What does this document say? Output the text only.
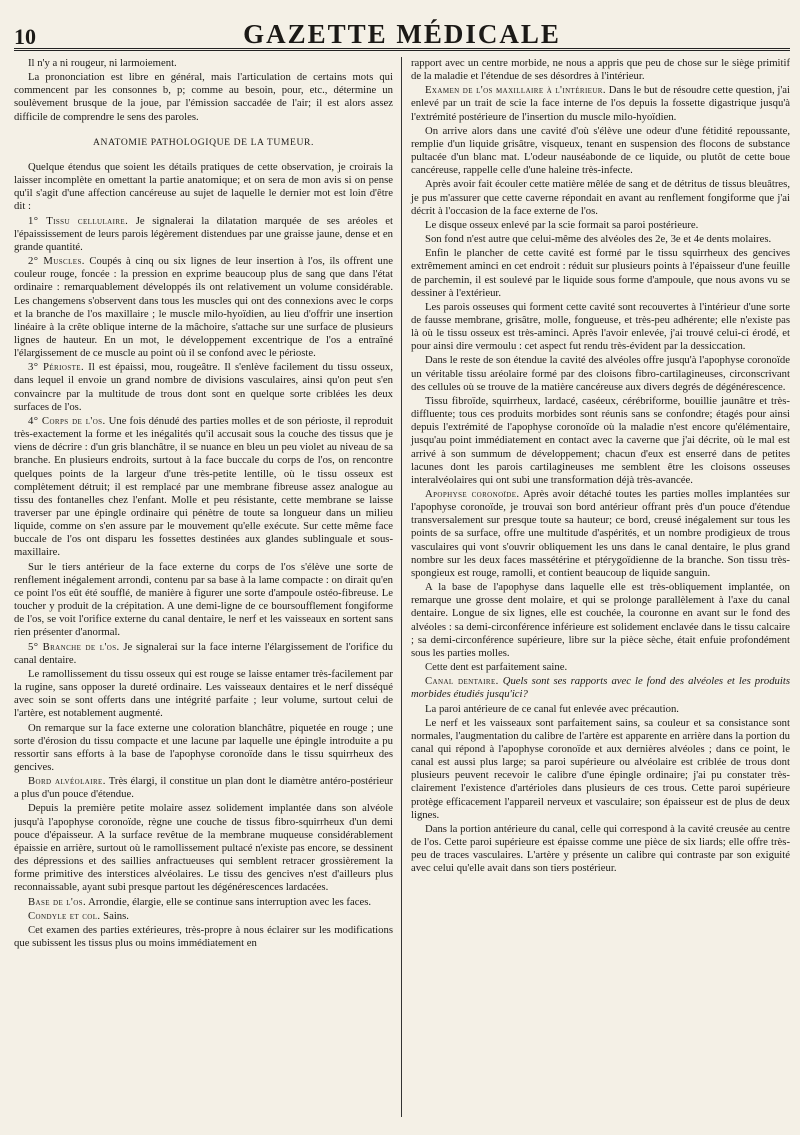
10	GAZETTE MÉDICALE

Il n'y a ni rougeur, ni larmoiement.

La prononciation est libre en général, mais l'articulation de certains mots qui commencent par les consonnes b, p; comme au besoin, pour, etc., détermine un soulèvement brusque de la joue, par l'émission saccadée de l'air; il est alors assez difficile de comprendre le sens des paroles.

ANATOMIE PATHOLOGIQUE DE LA TUMEUR.

Quelque étendus que soient les détails pratiques de cette observation, je croirais la laisser incomplète en omettant la partie anatomique; et on sera de mon avis si on pense qu'il s'agit d'une affection cancéreuse au sujet de laquelle le dernier mot est loin d'être dit :

1° Tissu cellulaire. Je signalerai la dilatation marquée de ses aréoles et l'épaississement de leurs parois légèrement distendues par une graisse jaune, dense et en grande quantité.

2° Muscles. Coupés à cinq ou six lignes de leur insertion à l'os, ils offrent une couleur rouge, foncée : la pression en exprime beaucoup plus de sang que dans l'état ordinaire : remarquablement développés ils ont relativement un volume considérable. Les changemens s'observent dans tous les muscles qui ont des connexions avec le corps et la branche de l'os maxillaire ; le muscle milo-hyoïdien, au lieu d'offrir une insertion linéaire à la crête oblique interne de la mâchoire, s'attache sur une surface de plusieurs lignes de hauteur. En un mot, le développement excentrique de l'os a entraîné l'élargissement de ce muscle au point où il se confond avec le périoste.

3° Périoste. Il est épaissi, mou, rougeâtre. Il s'enlève facilement du tissu osseux, dans lequel il envoie un grand nombre de divisions vasculaires, ainsi qu'on peut s'en convaincre par la multitude de trous dont sont en quelque sorte criblées les deux surfaces de l'os.

4° Corps de l'os. Une fois dénudé des parties molles et de son périoste, il reproduit très-exactement la forme et les inégalités qu'il accusait sous la couche des tissus que je viens de décrire : d'un gris blanchâtre, il se nuance en bleu un peu violet au niveau de sa branche. En plusieurs endroits, surtout à la face buccale du corps de l'os, on rencontre quelques points de la largeur d'une très-petite lentille, où le tissu osseux est complètement détruit; il est remplacé par une membrane fibreuse assez analogue au tissu des fontanelles chez l'enfant. Molle et peu résistante, cette membrane se laisse traverser par une épingle ordinaire qui pénètre de toute sa longueur dans un milieu liquide, comme on s'en assure par le mouvement qu'elle exécute. Sur cette même face buccale de l'os ont disparu les fossettes destinées aux glandes sublinguale et sous-maxillaire.

Sur le tiers antérieur de la face externe du corps de l'os s'élève une sorte de renflement inégalement arrondi, contenu par sa base à la lame compacte : on dirait qu'en ce point l'os eût été soufflé, de manière à figurer une sorte d'ampoule ostéo-fibreuse. Le toucher y produit de la crépitation. A une demi-ligne de ce boursoufflement fongiforme de l'os, se voit l'orifice externe du canal dentaire, le nerf et les vaisseaux en sortent sans rien présenter d'anormal.

5° Branche de l'os. Je signalerai sur la face interne l'élargissement de l'orifice du canal dentaire.

Le ramollissement du tissu osseux qui est rouge se laisse entamer très-facilement par la rugine, sans opposer la dureté ordinaire. Les vaisseaux dentaires et le nerf disséqué avec soin se sont offerts dans une intégrité parfaite ; leur volume, surtout celui de l'artère, est notablement augmenté.

On remarque sur la face externe une coloration blanchâtre, piquetée en rouge ; une sorte d'érosion du tissu compacte et une lacune par laquelle une épingle introduite a pu ressortir sans efforts à la base de l'apophyse coronoïde dans le tissu squirrheux des gencives.

Bord alvéolaire. Très élargi, il constitue un plan dont le diamètre antéro-postérieur a plus d'un pouce d'étendue.

Depuis la première petite molaire assez solidement implantée dans son alvéole jusqu'à l'apophyse coronoïde, règne une couche de tissus fibro-squirrheux d'un demi pouce d'épaisseur. A la surface revêtue de la membrane muqueuse considérablement épaissie en arrière, surtout où le ramollissement pultacé n'existe pas encore, se dessinent des dépressions et des saillies anfractueuses qui semblent retracer grossièrement la forme primitive des interstices alvéolaires. Le tissu des gencives n'est d'ailleurs plus reconnaissable, ayant subi presque partout les dégénérescences lardacées.

Base de l'os. Arrondie, élargie, elle se continue sans interruption avec les faces.

Condyle et col. Sains.

Cet examen des parties extérieures, très-propre à nous éclairer sur les modifications que subissent les tissus plus ou moins immédiatement en

rapport avec un centre morbide, ne nous a appris que peu de chose sur le siège primitif de la maladie et l'étendue de ses désordres à l'intérieur.

Examen de l'os maxillaire à l'intérieur. Dans le but de résoudre cette question, j'ai enlevé par un trait de scie la face interne de l'os depuis la fossette digastrique jusqu'à l'extrémité postérieure de l'insertion du muscle milo-hyoïdien.

On arrive alors dans une cavité d'où s'élève une odeur d'une fétidité repoussante, remplie d'un liquide grisâtre, visqueux, tenant en suspension des flocons de substance pultacée d'un blanc mat. L'odeur nauséabonde de ce liquide, ou plutôt de cette boue cancéreuse, rappelle celle d'une haleine très-infecte.

Après avoir fait écouler cette matière mêlée de sang et de détritus de tissus bleuâtres, je pus m'assurer que cette caverne répondait en avant au renflement fongiforme que j'ai décrit à l'occasion de la face externe de l'os.

Le disque osseux enlevé par la scie formait sa paroi postérieure.

Son fond n'est autre que celui-même des alvéoles des 2e, 3e et 4e dents molaires.

Enfin le plancher de cette cavité est formé par le tissu squirrheux des gencives extrêmement aminci en cet endroit : réduit sur plusieurs points à l'épaisseur d'une feuille de parchemin, il est soulevé par le liquide sous forme d'ampoule, que nous avons vu se dessiner à l'extérieur.

Les parois osseuses qui forment cette cavité sont recouvertes à l'intérieur d'une sorte de fausse membrane, grisâtre, molle, fongueuse, et très-peu adhérente; elle n'existe pas là où le tissu osseux est très-aminci. Après l'avoir enlevée, j'ai trouvé celui-ci érodé, et pour ainsi dire vermoulu : cet aspect fut rendu très-évident par la dessiccation.

Dans le reste de son étendue la cavité des alvéoles offre jusqu'à l'apophyse coronoïde un véritable tissu aréolaire formé par des cloisons fibro-cartilagineuses, circonscrivant des cellules où se trouve de la matière cancéreuse aux divers degrés de dégénérescence.

Tissu fibroïde, squirrheux, lardacé, caséeux, cérébriforme, bouillie jaunâtre et très-diffluente; tous ces produits morbides sont réunis sans se confondre; étagés pour ainsi depuis l'extrémité de l'apophyse coronoïde où la maladie n'est encore qu'élémentaire, jusqu'au point immédiatement en contact avec la caverne que j'ai décrite, où le mal est arrivé à son summum de développement; chacun d'eux est enserré dans de petites lacunes dont les parois cartilagineuses me semblent être les cloisons osseuses interalvéolaires qui ont subi une transformation déjà très-avancée.

Apophyse coronoïde. Après avoir détaché toutes les parties molles implantées sur l'apophyse coronoïde, je trouvai son bord antérieur offrant près d'un pouce d'étendue transversalement sur presque toute sa hauteur; ce bord, creusé inégalement sur tous les points de sa surface, offre une multitude d'aspérités, et un nombre prodigieux de trous vasculaires qui vont s'ouvrir obliquement les uns dans le canal dentaire, le plus grand nombre sur les deux faces massétérine et ptérygoïdienne de la branche. Son tissu très-spongieux est rouge, ramolli, et contient beaucoup de liquide sanguin.

A la base de l'apophyse dans laquelle elle est très-obliquement implantée, on remarque une grosse dent molaire, et qui se prolonge parallèlement à l'axe du canal dentaire. Longue de six lignes, elle est couchée, la couronne en avant sur le fond des alvéoles : sa demi-circonférence inférieure est solidement enclavée dans le tissu calcaire ; sa demi-circonférence supérieure, libre sur la pièce sèche, était enfuie profondément sous les parties molles.

Cette dent est parfaitement saine.

Canal dentaire. Quels sont ses rapports avec le fond des alvéoles et les produits morbides étudiés jusqu'ici?

La paroi antérieure de ce canal fut enlevée avec précaution.

Le nerf et les vaisseaux sont parfaitement sains, sa couleur et sa consistance sont normales, l'augmentation du calibre de l'artère est apparente en arrière dans la portion du canal qui répond à l'apophyse coronoïde et aux dernières alvéoles ; dans ce point, le canal est aussi plus large; sa paroi supérieure ou alvéolaire est criblée de trous dont plusieurs peuvent recevoir le calibre d'une épingle ordinaire; j'ai pu constater très-clairement l'existence d'artérioles dans plusieurs de ces trous. Cette paroi supérieure protège efficacement l'appareil nerveux et vasculaire; son épaisseur est de plus de deux lignes.

Dans la portion antérieure du canal, celle qui correspond à la cavité creusée au centre de l'os. Cette paroi supérieure est épaisse comme une pièce de six liards; elle offre très-peu de traces vasculaires. L'artère y présente un calibre qui contraste par son exiguité avec celui qu'elle avait dans son tiers postérieur.
